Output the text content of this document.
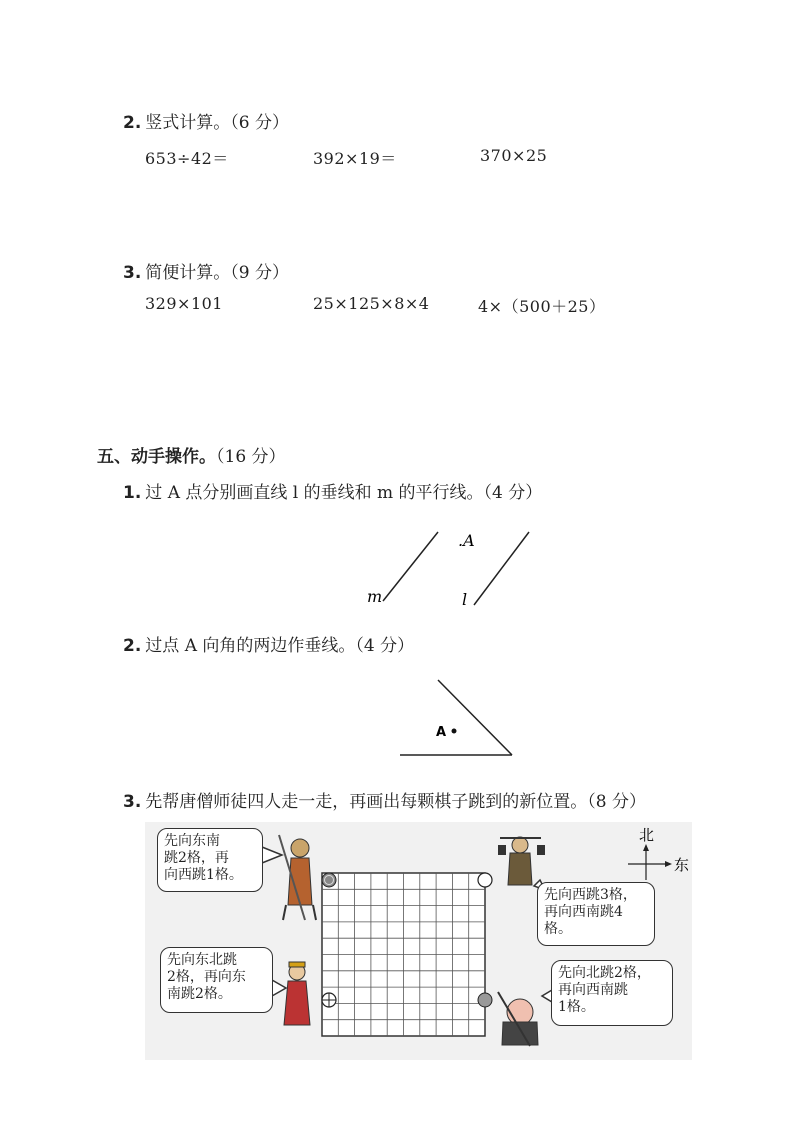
2. 竖式计算。（6 分）
653÷42＝	392×19＝	370×25
3. 简便计算。（9 分）
329×101	25×125×8×4	4×（500＋25）
五、动手操作。（16 分）
1. 过 A 点分别画直线 l 的垂线和 m 的平行线。（4 分）
.A
m	l
2. 过点 A 向角的两边作垂线。（4 分）
A
3. 先帮唐僧师徒四人走一走，再画出每颗棋子跳到的新位置。（8 分）
北
东
先向东南
跳2格，再
向西跳1格。
先向东北跳
2格，再向东
南跳2格。
先向西跳3格，
再向西南跳4
格。
先向北跳2格，
再向西南跳
1格。
